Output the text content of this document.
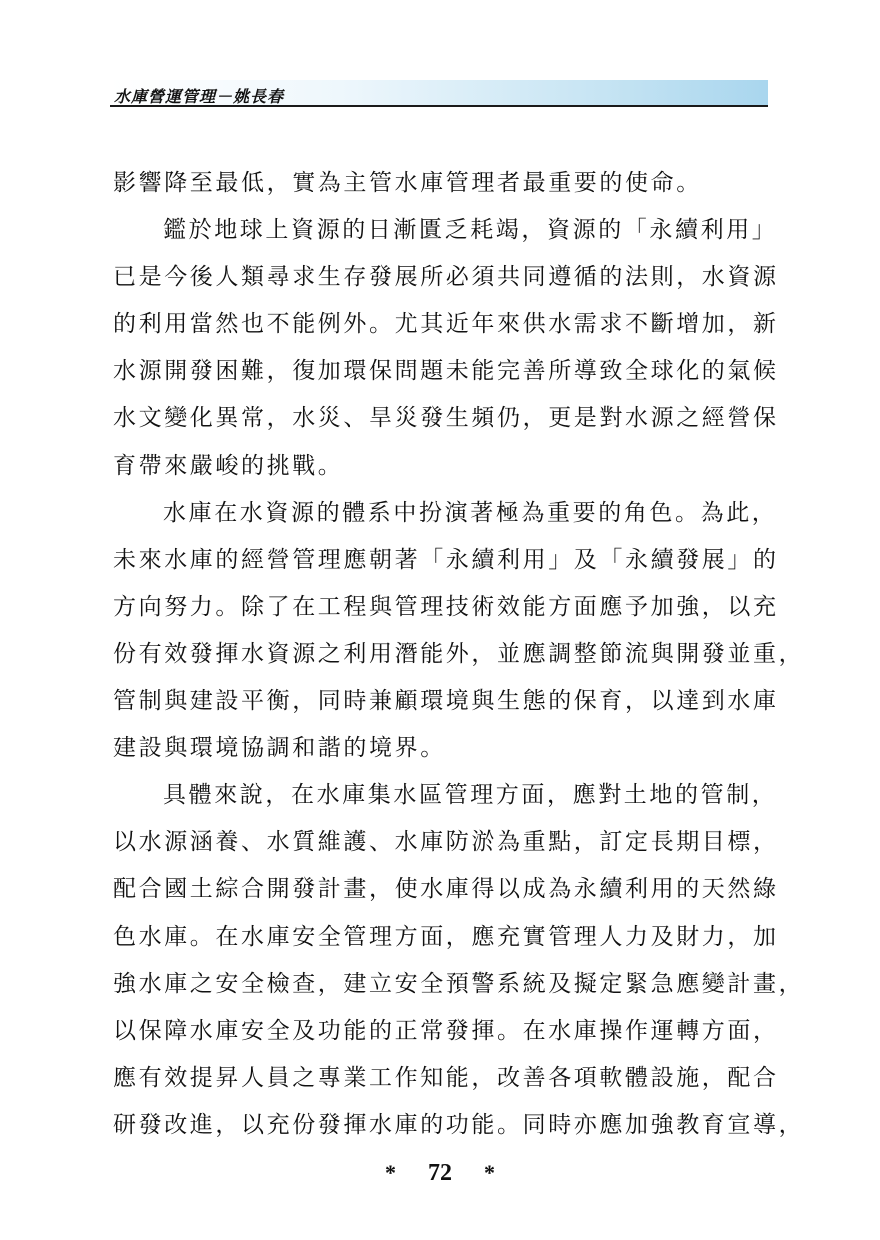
水庫營運管理－姚長春
影響降至最低，實為主管水庫管理者最重要的使命。
鑑於地球上資源的日漸匱乏耗竭，資源的「永續利用」
已是今後人類尋求生存發展所必須共同遵循的法則，水資源
的利用當然也不能例外。尤其近年來供水需求不斷增加，新
水源開發困難，復加環保問題未能完善所導致全球化的氣候
水文變化異常，水災、旱災發生頻仍，更是對水源之經營保
育帶來嚴峻的挑戰。
水庫在水資源的體系中扮演著極為重要的角色。為此，
未來水庫的經營管理應朝著「永續利用」及「永續發展」的
方向努力。除了在工程與管理技術效能方面應予加強，以充
份有效發揮水資源之利用潛能外，並應調整節流與開發並重，
管制與建設平衡，同時兼顧環境與生態的保育，以達到水庫
建設與環境協調和諧的境界。
具體來說，在水庫集水區管理方面，應對土地的管制，
以水源涵養、水質維護、水庫防淤為重點，訂定長期目標，
配合國土綜合開發計畫，使水庫得以成為永續利用的天然綠
色水庫。在水庫安全管理方面，應充實管理人力及財力，加
強水庫之安全檢查，建立安全預警系統及擬定緊急應變計畫，
以保障水庫安全及功能的正常發揮。在水庫操作運轉方面，
應有效提昇人員之專業工作知能，改善各項軟體設施，配合
研發改進，以充份發揮水庫的功能。同時亦應加強教育宣導，
* 72 *
